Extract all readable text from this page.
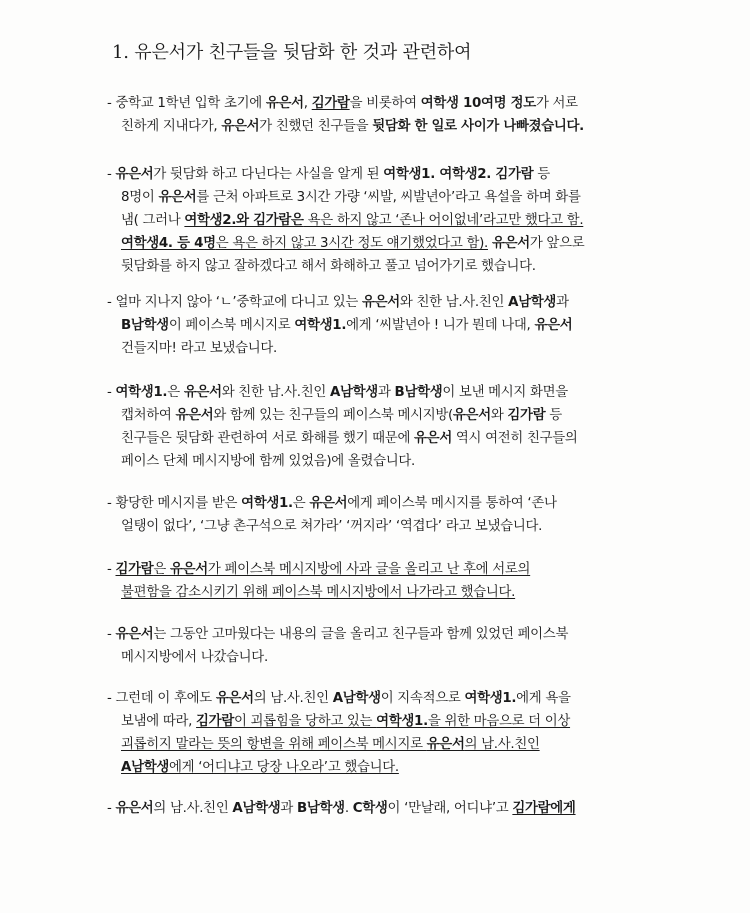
1. 유은서가 친구들을 뒷담화 한 것과 관련하여
- 중학교 1학년 입학 초기에 유은서, 김가람을 비롯하여 여학생 10여명 정도가 서로
친하게 지내다가, 유은서가 친했던 친구들을 뒷담화 한 일로 사이가 나빠졌습니다.
- 유은서가 뒷담화 하고 다닌다는 사실을 알게 된 여학생1. 여학생2. 김가람 등
8명이 유은서를 근처 아파트로 3시간 가량 ‘씨발, 씨발년아’라고 욕설을 하며 화를
냄( 그러나 여학생2.와 김가람은 욕은 하지 않고 ‘존나 어이없네’라고만 했다고 함.
여학생4. 등 4명은 욕은 하지 않고 3시간 정도 얘기했었다고 함). 유은서가 앞으로
뒷담화를 하지 않고 잘하겠다고 해서 화해하고 풀고 넘어가기로 했습니다.
- 얼마 지나지 않아 ‘ㄴ’중학교에 다니고 있는 유은서와 친한 남.사.친인 A남학생과
B남학생이 페이스북 메시지로 여학생1.에게 ‘씨발년아 ! 니가 뭔데 나대, 유은서
건들지마! 라고 보냈습니다.
- 여학생1.은 유은서와 친한 남.사.친인 A남학생과 B남학생이 보낸 메시지 화면을
캡처하여 유은서와 함께 있는 친구들의 페이스북 메시지방(유은서와 김가람 등
친구들은 뒷담화 관련하여 서로 화해를 했기 때문에 유은서 역시 여전히 친구들의
페이스 단체 메시지방에 함께 있었음)에 올렸습니다.
- 황당한 메시지를 받은 여학생1.은 유은서에게 페이스북 메시지를 통하여 ‘존나
얼탱이 없다’, ‘그냥 촌구석으로 쳐가라’ ‘꺼지라’ ‘역겹다’ 라고 보냈습니다.
- 김가람은 유은서가 페이스북 메시지방에 사과 글을 올리고 난 후에 서로의
불편함을 감소시키기 위해 페이스북 메시지방에서 나가라고 했습니다.
- 유은서는 그동안 고마웠다는 내용의 글을 올리고 친구들과 함께 있었던 페이스북
메시지방에서 나갔습니다.
- 그런데 이 후에도 유은서의 남.사.친인 A남학생이 지속적으로 여학생1.에게 욕을
보냄에 따라, 김가람이 괴롭힘을 당하고 있는 여학생1.을 위한 마음으로 더 이상
괴롭히지 말라는 뜻의 항변을 위해 페이스북 메시지로 유은서의 남.사.친인
A남학생에게 ‘어디냐고 당장 나오라’고 했습니다.
- 유은서의 남.사.친인 A남학생과 B남학생. C학생이 ‘만날래, 어디냐’고 김가람에게
